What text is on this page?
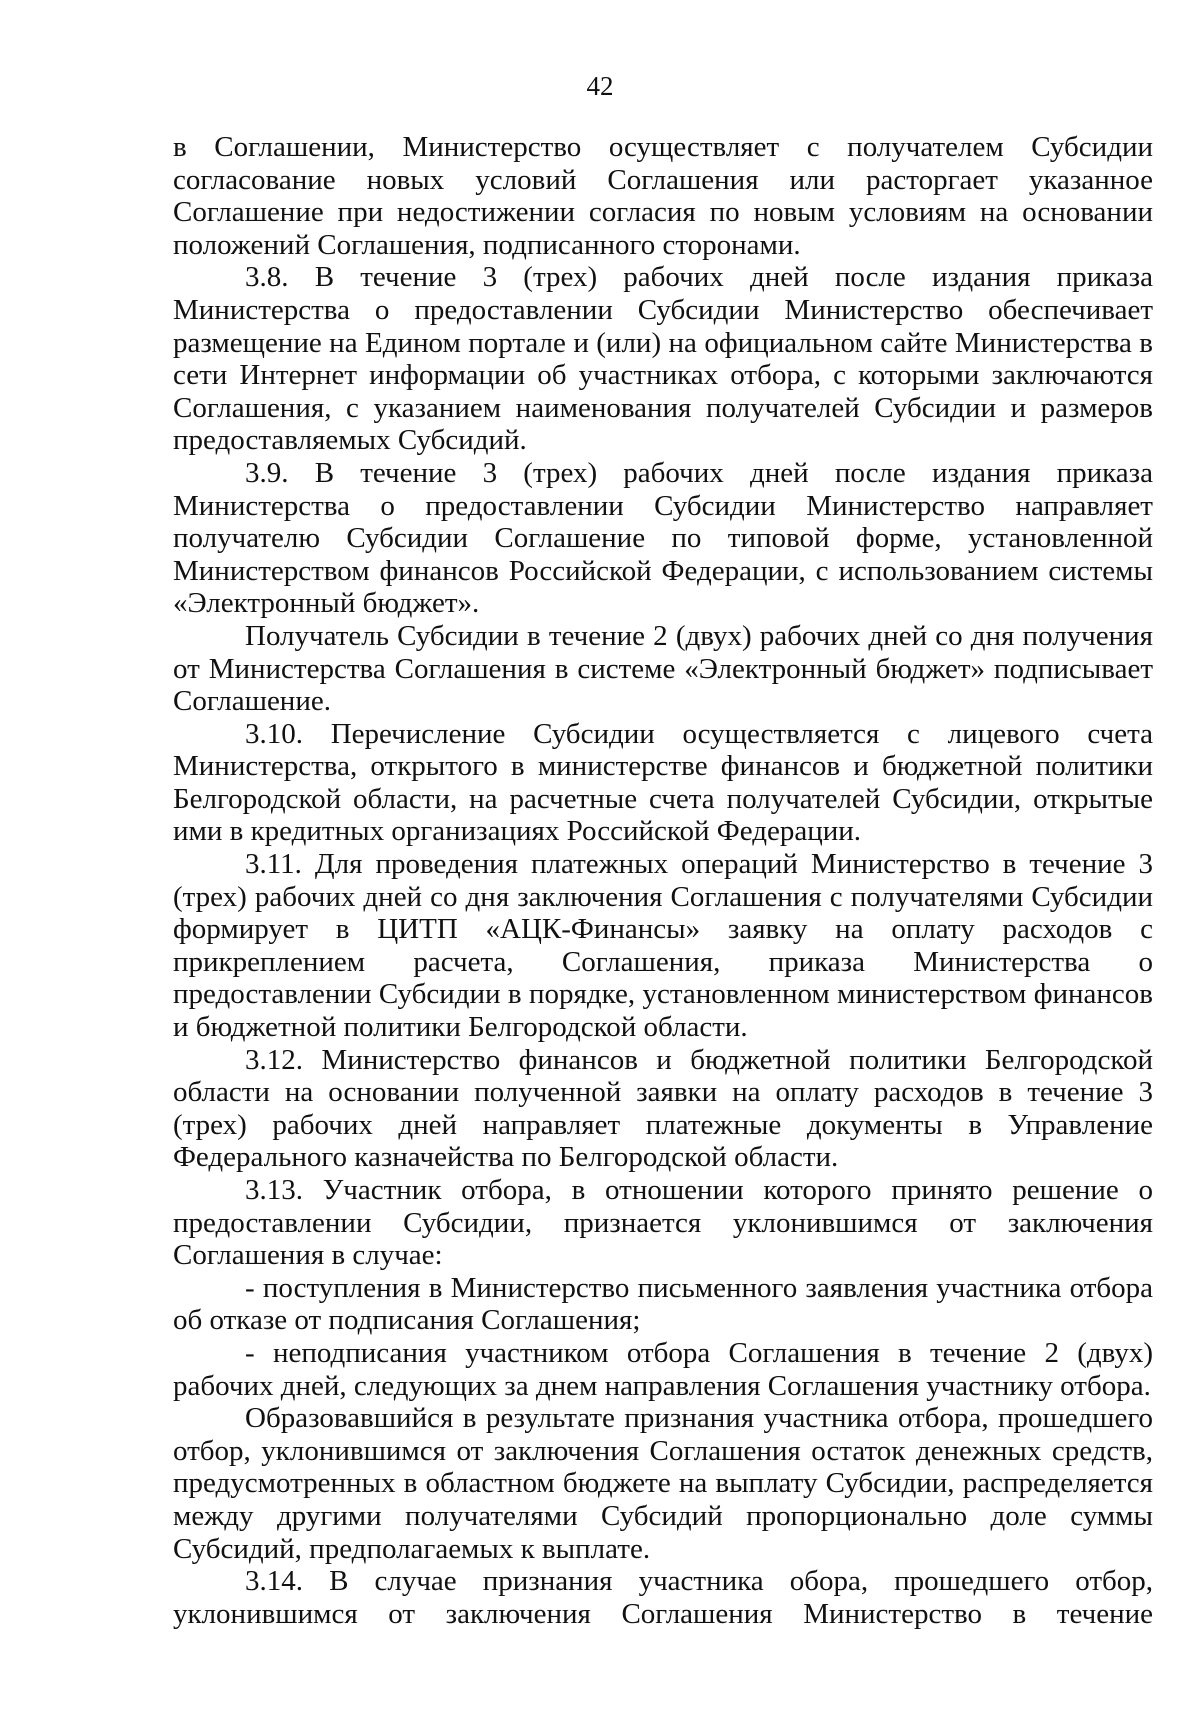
42

в Соглашении, Министерство осуществляет с получателем Субсидии согласование новых условий Соглашения или расторгает указанное Соглашение при недостижении согласия по новым условиям на основании положений Соглашения, подписанного сторонами.

3.8. В течение 3 (трех) рабочих дней после издания приказа Министерства о предоставлении Субсидии Министерство обеспечивает размещение на Едином портале и (или) на официальном сайте Министерства в сети Интернет информации об участниках отбора, с которыми заключаются Соглашения, с указанием наименования получателей Субсидии и размеров предоставляемых Субсидий.

3.9. В течение 3 (трех) рабочих дней после издания приказа Министерства о предоставлении Субсидии Министерство направляет получателю Субсидии Соглашение по типовой форме, установленной Министерством финансов Российской Федерации, с использованием системы «Электронный бюджет».

Получатель Субсидии в течение 2 (двух) рабочих дней со дня получения от Министерства Соглашения в системе «Электронный бюджет» подписывает Соглашение.

3.10. Перечисление Субсидии осуществляется с лицевого счета Министерства, открытого в министерстве финансов и бюджетной политики Белгородской области, на расчетные счета получателей Субсидии, открытые ими в кредитных организациях Российской Федерации.

3.11. Для проведения платежных операций Министерство в течение 3 (трех) рабочих дней со дня заключения Соглашения с получателями Субсидии формирует в ЦИТП «АЦК-Финансы» заявку на оплату расходов с прикреплением расчета, Соглашения, приказа Министерства о предоставлении Субсидии в порядке, установленном министерством финансов и бюджетной политики Белгородской области.

3.12. Министерство финансов и бюджетной политики Белгородской области на основании полученной заявки на оплату расходов в течение 3 (трех) рабочих дней направляет платежные документы в Управление Федерального казначейства по Белгородской области.

3.13. Участник отбора, в отношении которого принято решение о предоставлении Субсидии, признается уклонившимся от заключения Соглашения в случае:

- поступления в Министерство письменного заявления участника отбора об отказе от подписания Соглашения;

- неподписания участником отбора Соглашения в течение 2 (двух) рабочих дней, следующих за днем направления Соглашения участнику отбора.

Образовавшийся в результате признания участника отбора, прошедшего отбор, уклонившимся от заключения Соглашения остаток денежных средств, предусмотренных в областном бюджете на выплату Субсидии, распределяется между другими получателями Субсидий пропорционально доле суммы Субсидий, предполагаемых к выплате.

3.14. В случае признания участника обора, прошедшего отбор, уклонившимся от заключения Соглашения Министерство в течение
